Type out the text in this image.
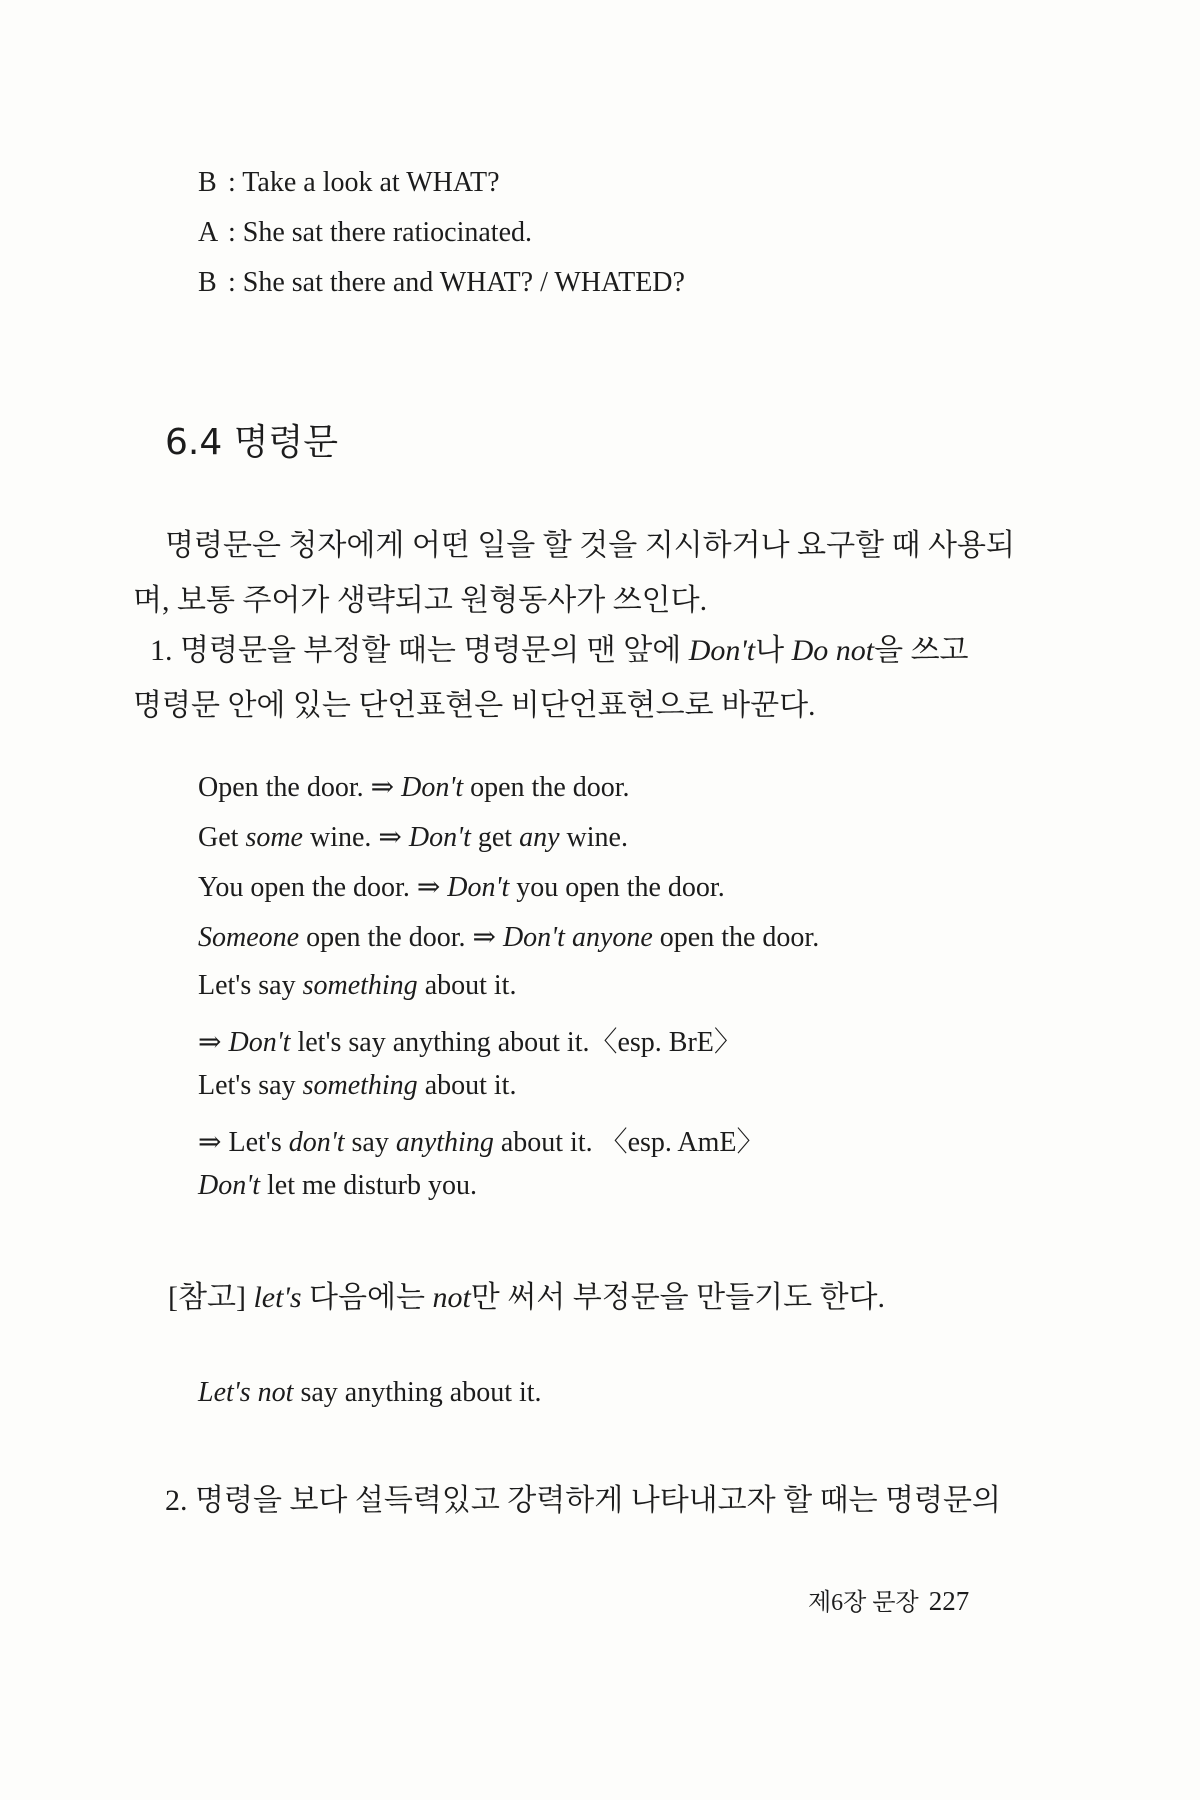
B : Take a look at WHAT?
A : She sat there ratiocinated.
B : She sat there and WHAT? / WHATED?
6.4 명령문
명령문은 청자에게 어떤 일을 할 것을 지시하거나 요구할 때 사용되
며, 보통 주어가 생략되고 원형동사가 쓰인다.
1. 명령문을 부정할 때는 명령문의 맨 앞에 Don't나 Do not을 쓰고
명령문 안에 있는 단언표현은 비단언표현으로 바꾼다.
Open the door. ⇒ Don't open the door.
Get some wine. ⇒ Don't get any wine.
You open the door. ⇒ Don't you open the door.
Someone open the door. ⇒ Don't anyone open the door.
Let's say something about it.
⇒ Don't let's say anything about it.〈esp. BrE〉
Let's say something about it.
⇒ Let's don't say anything about it. 〈esp. AmE〉
Don't let me disturb you.
[참고] let's 다음에는 not만 써서 부정문을 만들기도 한다.
Let's not say anything about it.
2. 명령을 보다 설득력있고 강력하게 나타내고자 할 때는 명령문의
제6장 문장 227
